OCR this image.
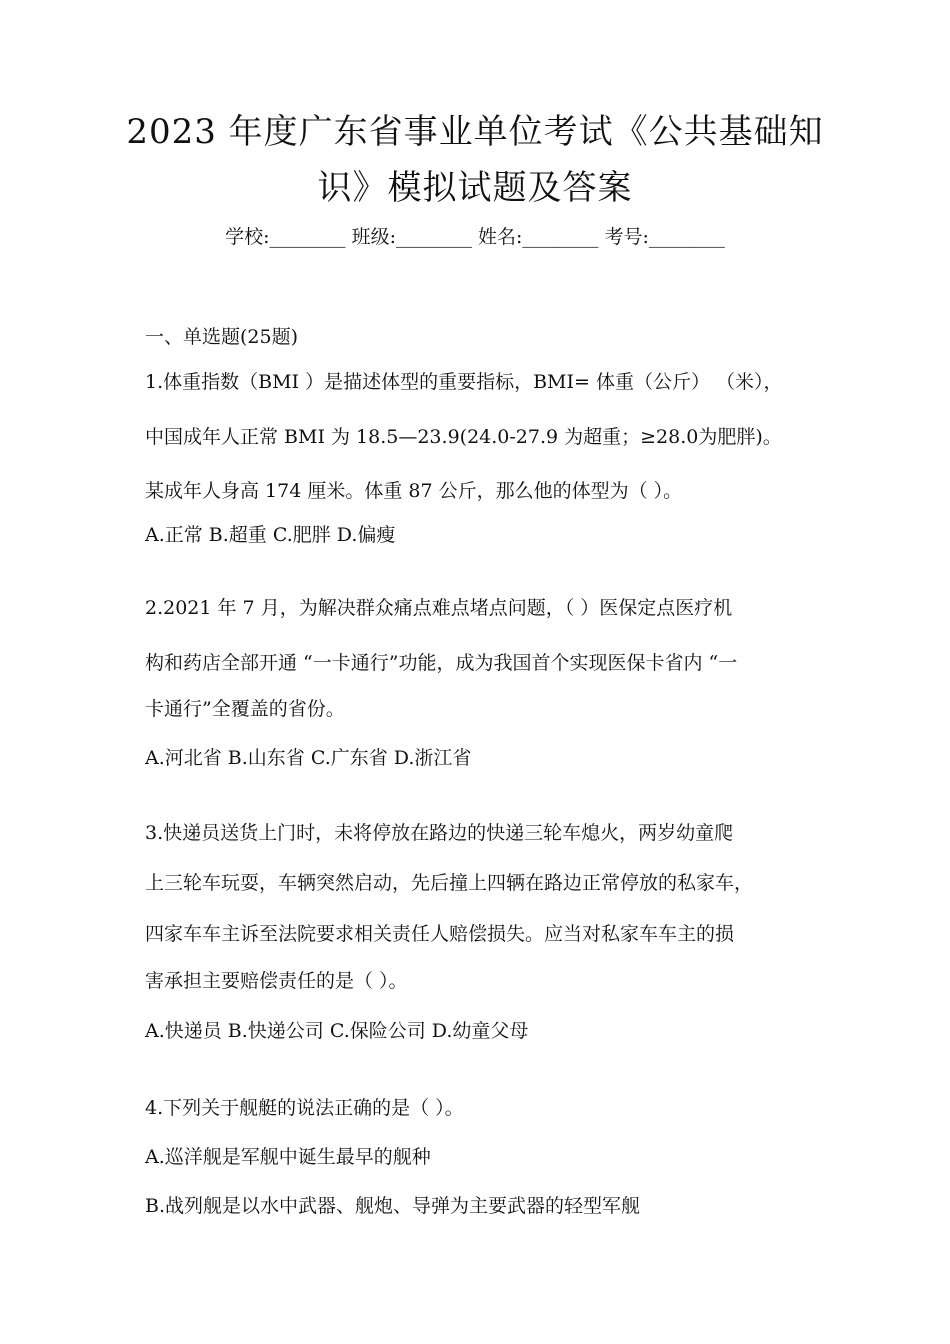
2023 年度广东省事业单位考试《公共基础知
识》模拟试题及答案
学校:________ 班级:________ 姓名:________ 考号:________
一、单选题(25题)
1.体重指数（BMI ）是描述体型的重要指标，BMI= 体重（公斤） （米），
中国成年人正常 BMI 为 18.5—23.9(24.0-27.9 为超重；≥28.0为肥胖)。
某成年人身高 174 厘米。体重 87 公斤，那么他的体型为（ ）。
A.正常 B.超重 C.肥胖 D.偏瘦
2.2021 年 7 月，为解决群众痛点难点堵点问题，（ ）医保定点医疗机
构和药店全部开通 “一卡通行”功能，成为我国首个实现医保卡省内 “一
卡通行”全覆盖的省份。
A.河北省 B.山东省 C.广东省 D.浙江省
3.快递员送货上门时，未将停放在路边的快递三轮车熄火，两岁幼童爬
上三轮车玩耍，车辆突然启动，先后撞上四辆在路边正常停放的私家车，
四家车车主诉至法院要求相关责任人赔偿损失。应当对私家车车主的损
害承担主要赔偿责任的是（ ）。
A.快递员 B.快递公司 C.保险公司 D.幼童父母
4.下列关于舰艇的说法正确的是（ ）。
A.巡洋舰是军舰中诞生最早的舰种
B.战列舰是以水中武器、舰炮、导弹为主要武器的轻型军舰
